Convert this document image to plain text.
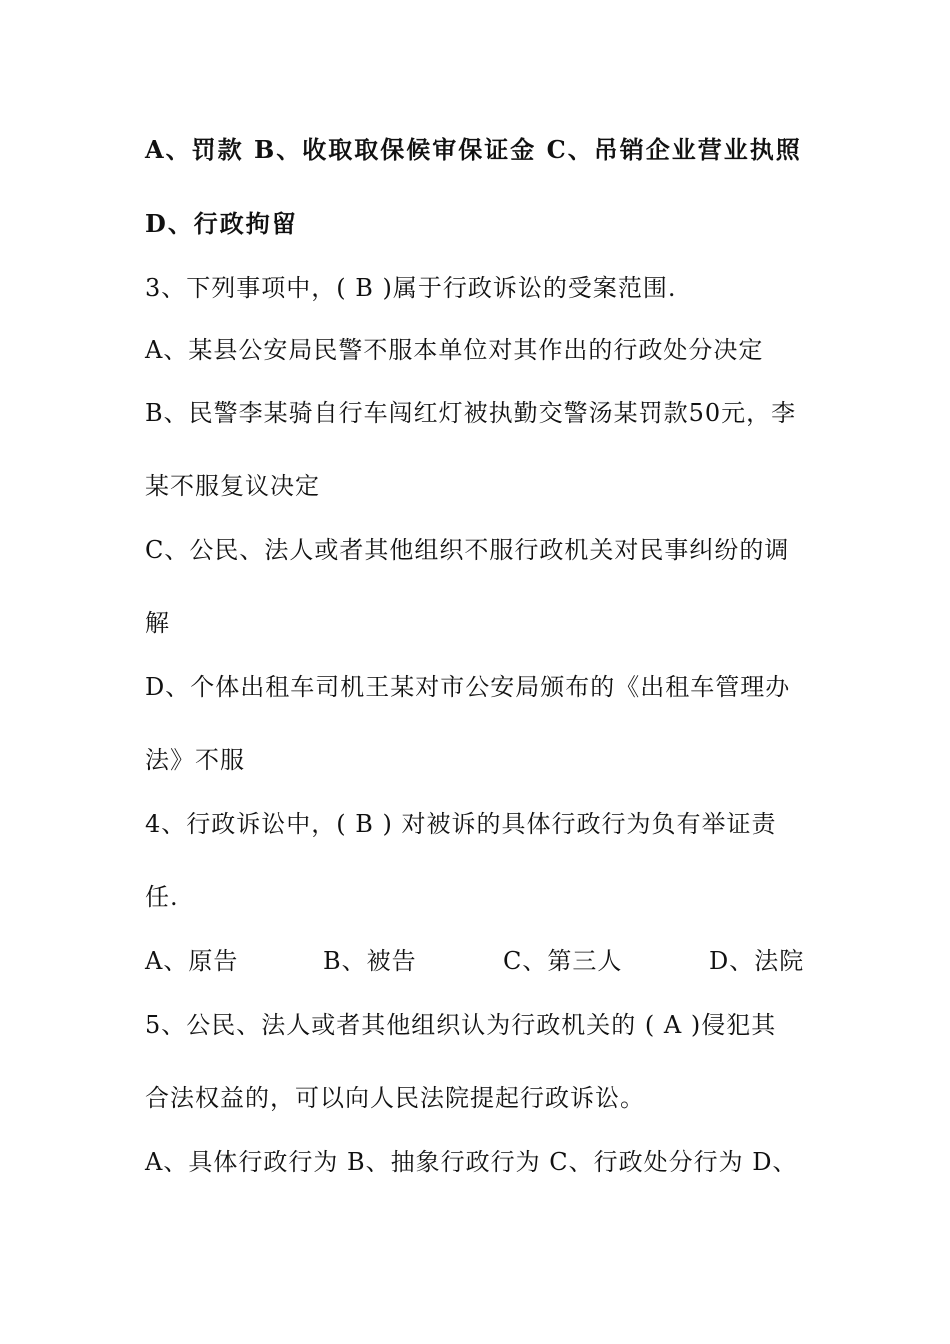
A、罚款 B、收取取保候审保证金 C、吊销企业营业执照
D、行政拘留
3、下列事项中，( B )属于行政诉讼的受案范围.
A、某县公安局民警不服本单位对其作出的行政处分决定
B、民警李某骑自行车闯红灯被执勤交警汤某罚款50元，李
某不服复议决定
C、公民、法人或者其他组织不服行政机关对民事纠纷的调
解
D、个体出租车司机王某对市公安局颁布的《出租车管理办
法》不服
4、行政诉讼中，( B ) 对被诉的具体行政行为负有举证责
任.
A、原告	B、被告	C、第三人	D、法院
5、公民、法人或者其他组织认为行政机关的 ( A )侵犯其
合法权益的，可以向人民法院提起行政诉讼。
A、具体行政行为 B、抽象行政行为 C、行政处分行为 D、
